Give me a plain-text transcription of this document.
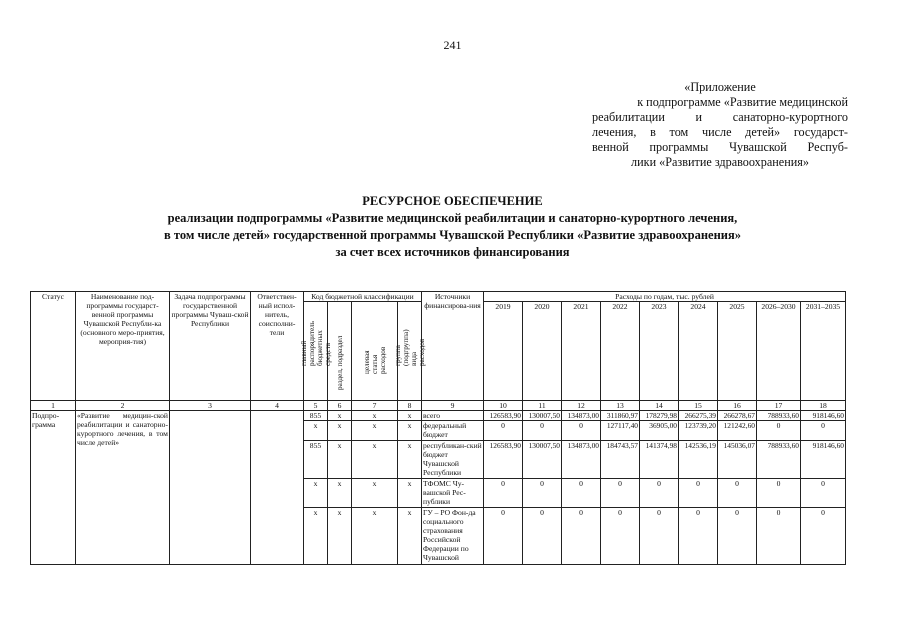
241
«Приложение
к подпрограмме «Развитие медицинской
реабилитации и санаторно-курортного
лечения, в том числе детей» государст-
венной программы Чувашской Респуб-
лики «Развитие здравоохранения»
РЕСУРСНОЕ ОБЕСПЕЧЕНИЕ
реализации подпрограммы «Развитие медицинской реабилитации и санаторно-курортного лечения,
в том числе детей» государственной программы Чувашской Республики «Развитие здравоохранения»
за счет всех источников финансирования
Статус	Наименование под-программы государст-венной программы Чувашской Республи-ка (основного меро-приятия, мероприя-тия)	Задача подпрограммы государственной программы Чуваш-ской Республики	Ответствен-ный испол-нитель, соисполни-тели	Код бюджетной классификации				Источники финансирова-ния	Расходы по годам, тыс. рублей								

				главный распорядитель бюджетных средств	раздел, подраздел	целевая статья расходов	группа (подгруппа) вида расходов		2019	2020	2021	2022	2023	2024	2025	2026–2030	2031–2035
1	2	3	4	5	6	7	8	9	10	11	12	13	14	15	16	17	18
Подпро-грамма	«Развитие медицин-ской реабилитации и санаторно-курортного лечения, в том числе детей»			855	х	х	х	всего	126583,90	130007,50	134873,00	311860,97	178279,98	266275,39	266278,67	788933,60	918146,60
				х	х	х	х	федеральный бюджет	0	0	0	127117,40	36905,00	123739,20	121242,60	0	0
				855	х	х	х	республикан-ский бюджет Чувашской Республики	126583,90	130007,50	134873,00	184743,57	141374,98	142536,19	145036,07	788933,60	918146,60
				х	х	х	х	ТФОМС Чу-вашской Рес-публики	0	0	0	0	0	0	0	0	0
				х	х	х	х	ГУ – РО Фон-да социального страхования Российской Федерации по Чувашской	0	0	0	0	0	0	0	0	0
